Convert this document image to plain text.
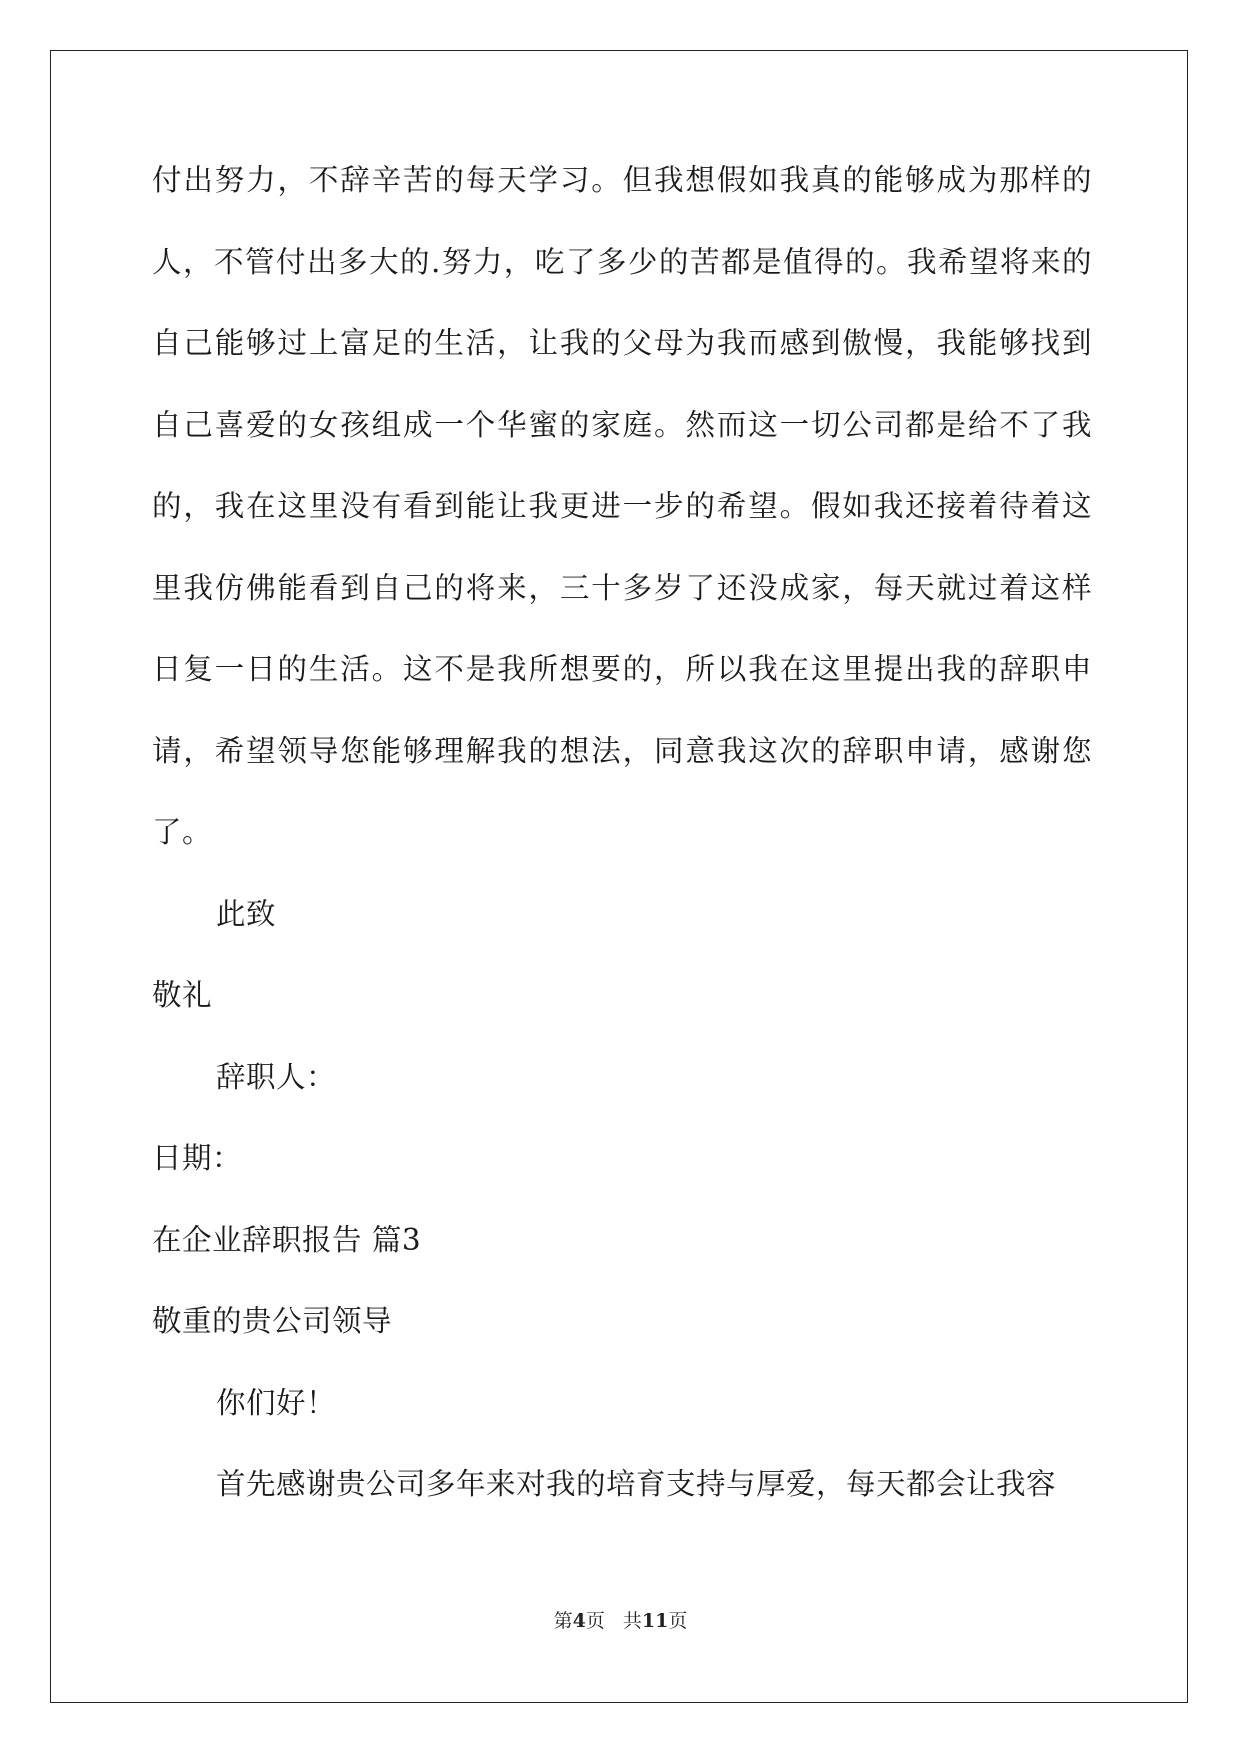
付出努力，不辞辛苦的每天学习。但我想假如我真的能够成为那样的
人，不管付出多大的.努力，吃了多少的苦都是值得的。我希望将来的
自己能够过上富足的生活，让我的父母为我而感到傲慢，我能够找到
自己喜爱的女孩组成一个华蜜的家庭。然而这一切公司都是给不了我
的，我在这里没有看到能让我更进一步的希望。假如我还接着待着这
里我仿佛能看到自己的将来，三十多岁了还没成家，每天就过着这样
日复一日的生活。这不是我所想要的，所以我在这里提出我的辞职申
请，希望领导您能够理解我的想法，同意我这次的辞职申请，感谢您
了。
此致
敬礼
辞职人：
日期：
在企业辞职报告 篇3
敬重的贵公司领导
你们好！
首先感谢贵公司多年来对我的培育支持与厚爱，每天都会让我容
第4页 共11页
